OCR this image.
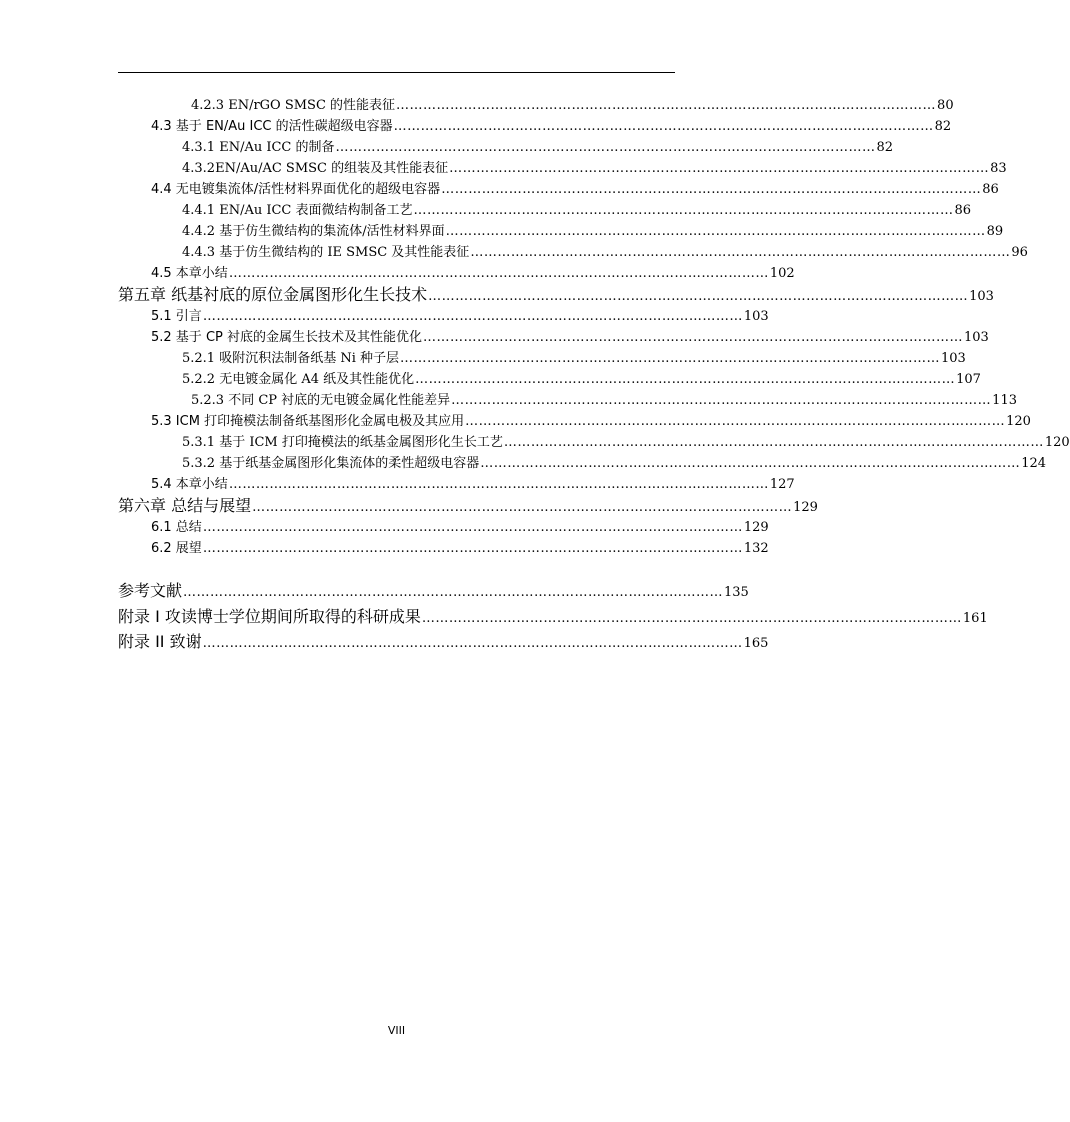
4.2.3 EN/rGO SMSC 的性能表征 ………………………………………………………………………………………………………… 80
4.3 基于 EN/Au ICC 的活性碳超级电容器 ………………………………………………………………………………………………………… 82
4.3.1 EN/Au ICC 的制备 ………………………………………………………………………………………………………… 82
4.3.2EN/Au/AC SMSC 的组装及其性能表征 ………………………………………………………………………………………………………… 83
4.4 无电镀集流体/活性材料界面优化的超级电容器 ………………………………………………………………………………………………………… 86
4.4.1 EN/Au ICC 表面微结构制备工艺 ………………………………………………………………………………………………………… 86
4.4.2 基于仿生微结构的集流体/活性材料界面 ………………………………………………………………………………………………………… 89
4.4.3 基于仿生微结构的 IE SMSC 及其性能表征 ………………………………………………………………………………………………………… 96
4.5 本章小结 ………………………………………………………………………………………………………… 102
第五章 纸基衬底的原位金属图形化生长技术 ………………………………………………………………………………………………………… 103
5.1 引言 ………………………………………………………………………………………………………… 103
5.2 基于 CP 衬底的金属生长技术及其性能优化 ………………………………………………………………………………………………………… 103
5.2.1 吸附沉积法制备纸基 Ni 种子层 ………………………………………………………………………………………………………… 103
5.2.2 无电镀金属化 A4 纸及其性能优化 ………………………………………………………………………………………………………… 107
5.2.3 不同 CP 衬底的无电镀金属化性能差异 ………………………………………………………………………………………………………… 113
5.3 ICM 打印掩模法制备纸基图形化金属电极及其应用 ………………………………………………………………………………………………………… 120
5.3.1 基于 ICM 打印掩模法的纸基金属图形化生长工艺 ………………………………………………………………………………………………………… 120
5.3.2 基于纸基金属图形化集流体的柔性超级电容器 ………………………………………………………………………………………………………… 124
5.4 本章小结 ………………………………………………………………………………………………………… 127
第六章 总结与展望 ………………………………………………………………………………………………………… 129
6.1 总结 ………………………………………………………………………………………………………… 129
6.2 展望 ………………………………………………………………………………………………………… 132
参考文献 ………………………………………………………………………………………………………… 135
附录 I 攻读博士学位期间所取得的科研成果 ………………………………………………………………………………………………………… 161
附录 II 致谢 ………………………………………………………………………………………………………… 165
VIII
